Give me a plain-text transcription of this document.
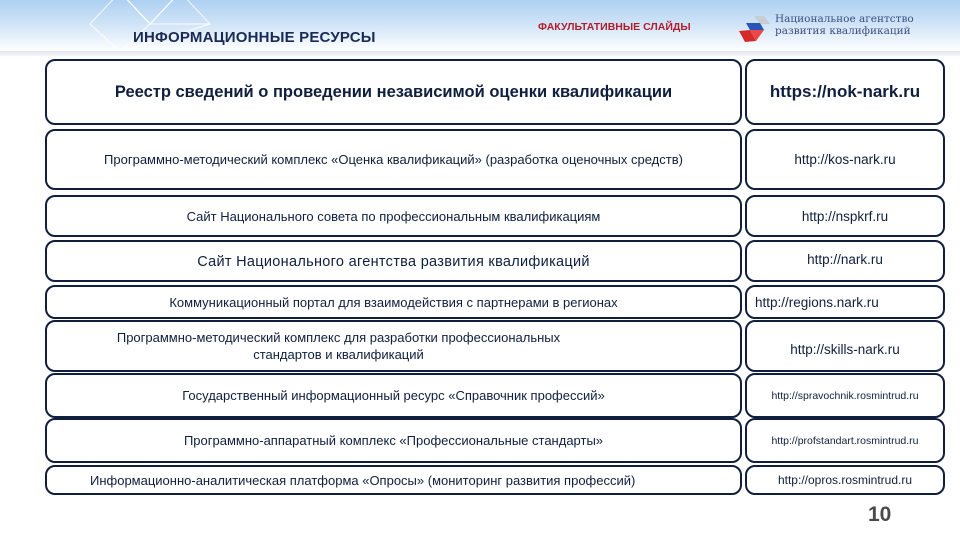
ИНФОРМАЦИОННЫЕ РЕСУРСЫ
ФАКУЛЬТАТИВНЫЕ СЛАЙДЫ
Национальное агентство
развития квалификаций
Реестр сведений о проведении независимой оценки квалификации	https://nok-nark.ru
Программно-методический комплекс «Оценка квалификаций» (разработка оценочных средств)	http://kos-nark.ru
Сайт Национального совета по профессиональным квалификациям	http://nspkrf.ru
Сайт Национального агентства развития квалификаций	http://nark.ru
Коммуникационный портал для взаимодействия с партнерами в регионах	http://regions.nark.ru
Программно-методический комплекс для разработки профессиональных стандартов и квалификаций	http://skills-nark.ru
Государственный информационный ресурс «Справочник профессий»	http://spravochnik.rosmintrud.ru
Программно-аппаратный комплекс «Профессиональные стандарты»	http://profstandart.rosmintrud.ru
Информационно-аналитическая платформа «Опросы» (мониторинг развития профессий)	http://opros.rosmintrud.ru
10
